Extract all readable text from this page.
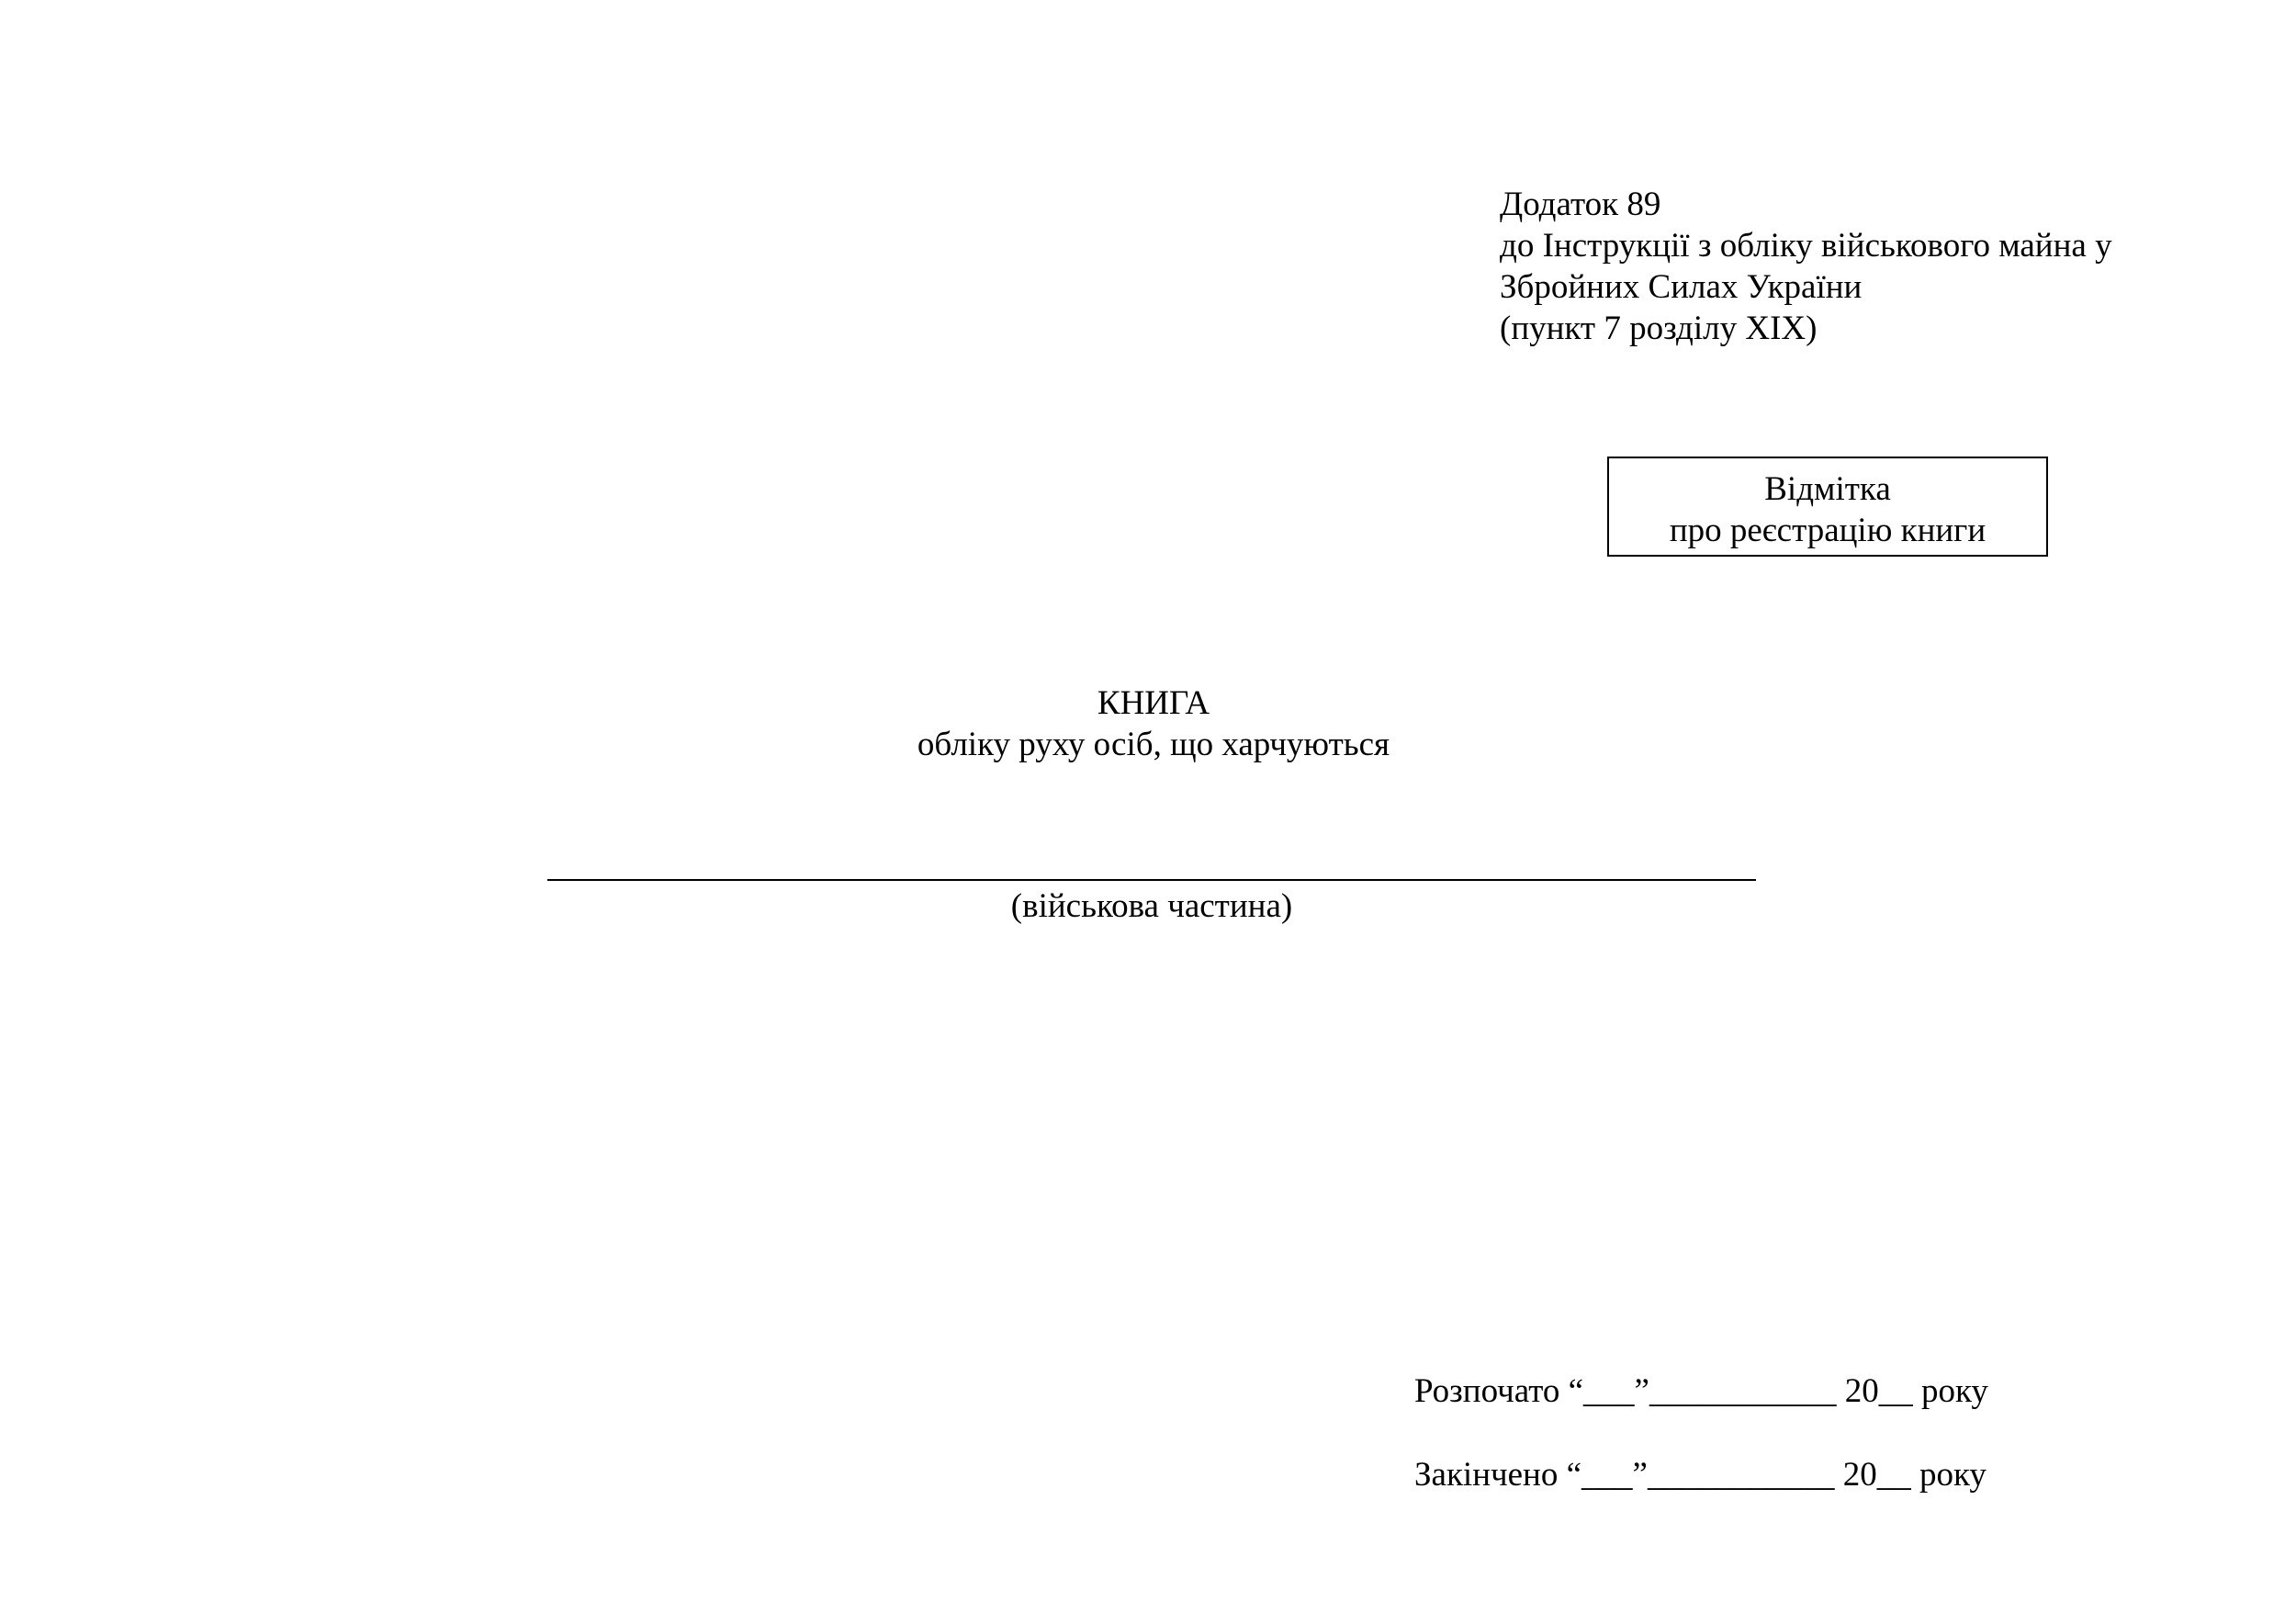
Додаток 89
до Інструкції з обліку військового майна у
Збройних Силах України
(пункт 7 розділу XIX)
Відмітка
про реєстрацію книги
КНИГА
обліку руху осіб, що харчуються
(військова частина)
Розпочато “___”___________ 20__ року
Закінчено “___”___________ 20__ року
